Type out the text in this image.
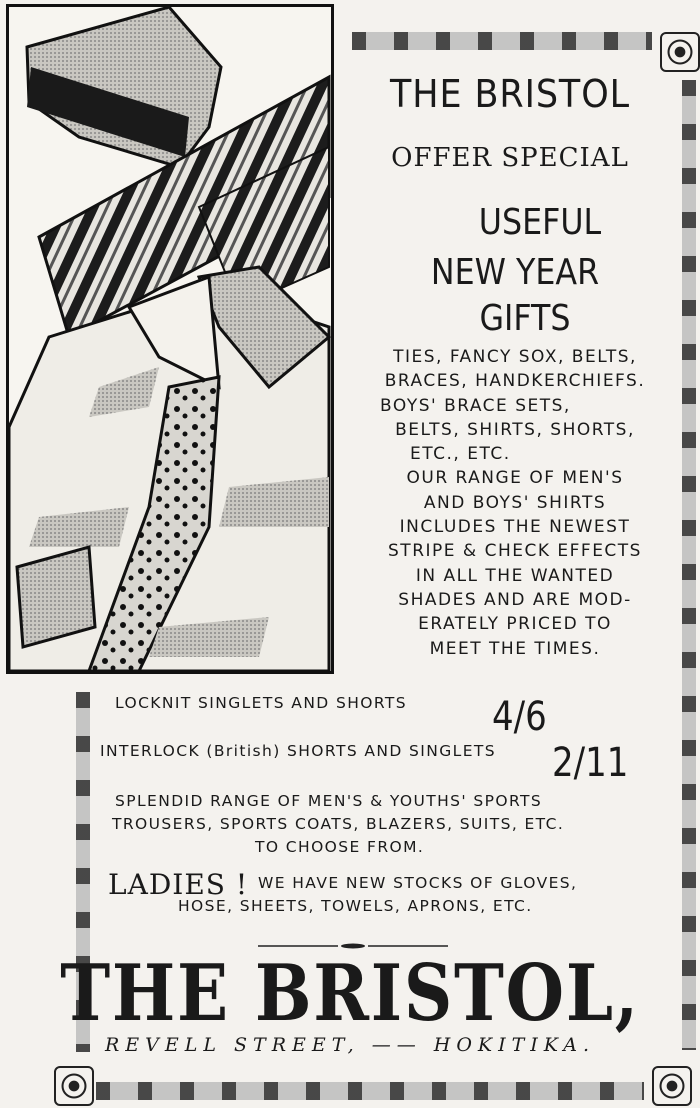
THE BRISTOL
OFFER SPECIAL
USEFUL
NEW YEAR
GIFTS
TIES, FANCY SOX, BELTS,
BRACES, HANDKERCHIEFS.
BOYS' BRACE SETS,
BELTS, SHIRTS, SHORTS,
ETC., ETC.
OUR RANGE OF MEN'S
AND BOYS' SHIRTS
INCLUDES THE NEWEST
STRIPE & CHECK EFFECTS
IN ALL THE WANTED
SHADES AND ARE MOD-
ERATELY PRICED TO
MEET THE TIMES.
LOCKNIT SINGLETS AND SHORTS 4/6
INTERLOCK (British) SHORTS AND SINGLETS 2/11
SPLENDID RANGE OF MEN'S & YOUTHS' SPORTS
TROUSERS, SPORTS COATS, BLAZERS, SUITS, ETC.
TO CHOOSE FROM.
LADIES ! WE HAVE NEW STOCKS OF GLOVES,
HOSE, SHEETS, TOWELS, APRONS, ETC.
THE BRISTOL,
REVELL STREET, —— HOKITIKA.
